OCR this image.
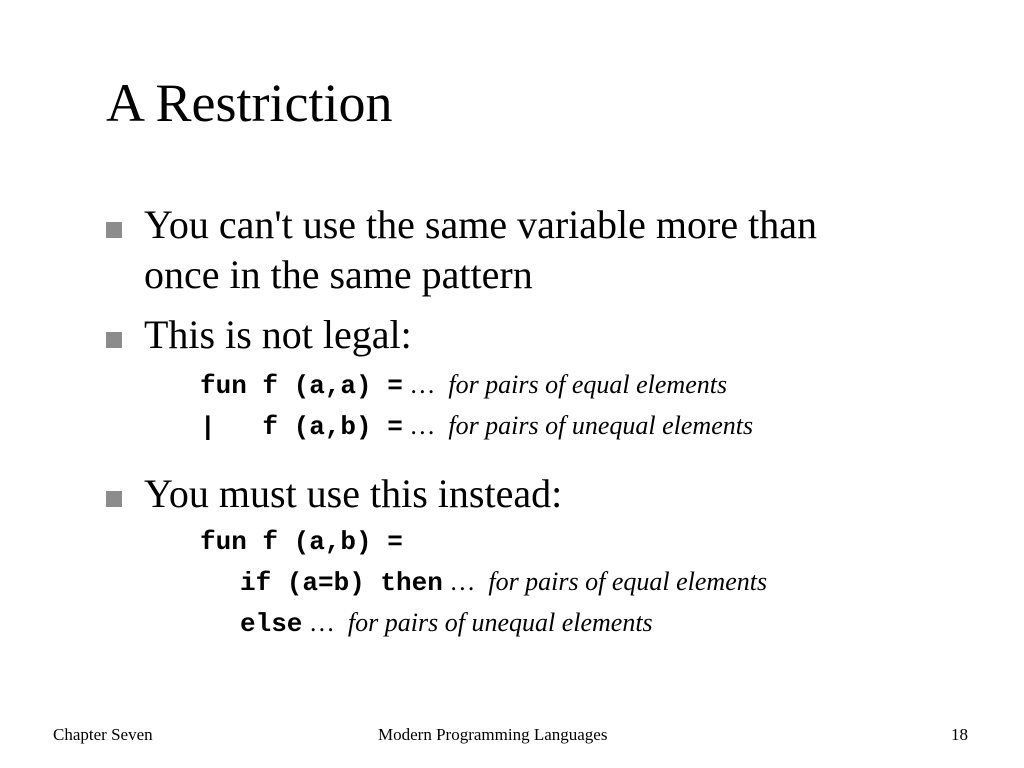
A Restriction
You can't use the same variable more than
once in the same pattern
This is not legal:
fun f (a,a) = … for pairs of equal elements
|   f (a,b) = … for pairs of unequal elements
You must use this instead:
fun f (a,b) =
if (a=b) then … for pairs of equal elements
else … for pairs of unequal elements
Chapter Seven	Modern Programming Languages	18
